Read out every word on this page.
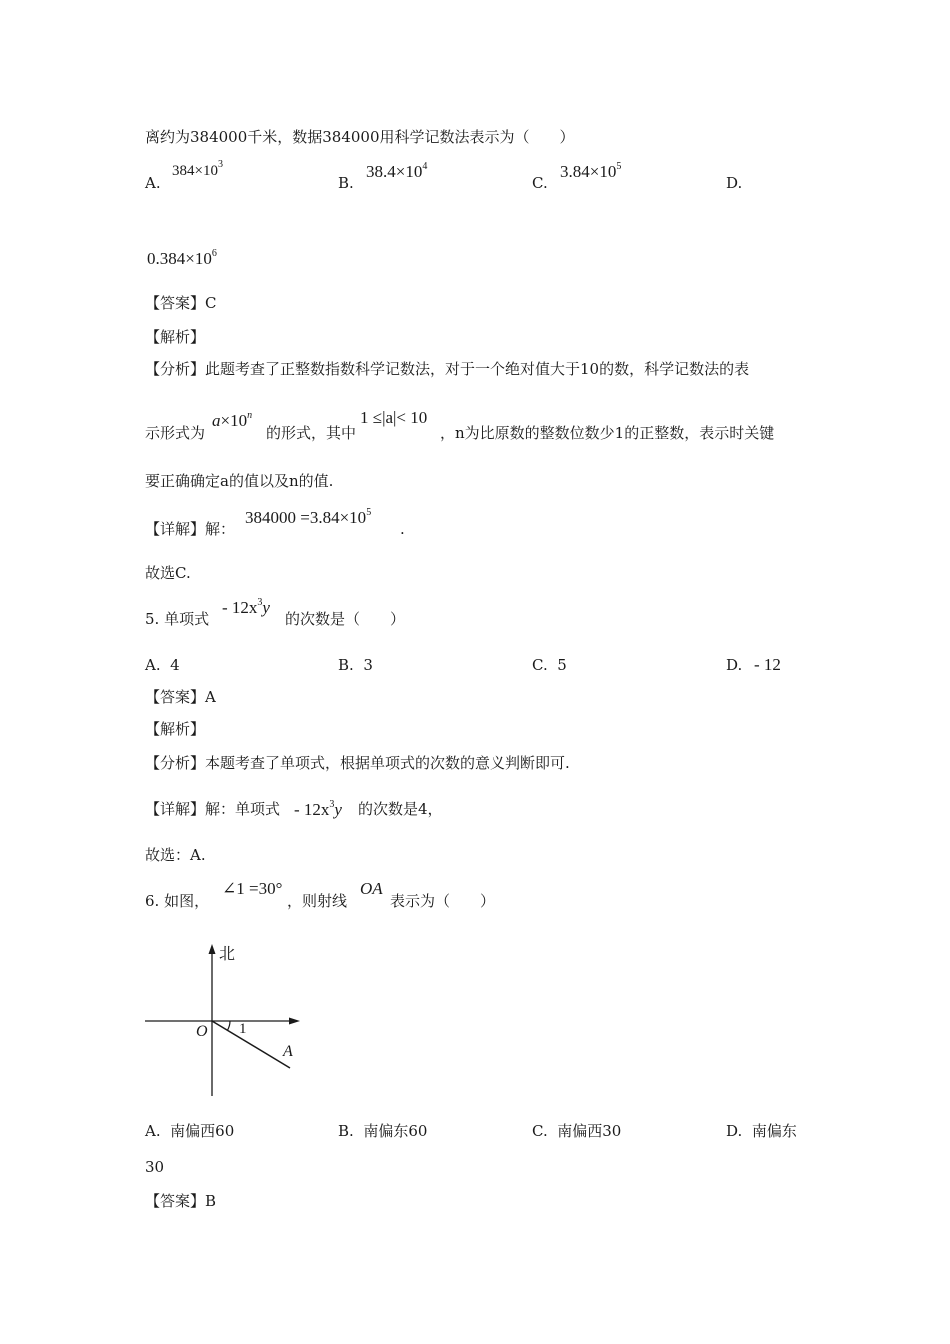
离约为384000千米，数据384000用科学记数法表示为（　　）
A.
$384\times 10^3$
B.
$38.4\times 10^4$
C.
$3.84\times 10^5$
D.
$0.384\times 10^6$
【答案】C
【解析】
【分析】此题考查了正整数指数科学记数法，对于一个绝对值大于10的数，科学记数法的表
示形式为
$a\times 10^n$
的形式，其中
1 ≤|a|< 10
，n为比原数的整数位数少1的正整数，表示时关键
要正确确定a的值以及n的值.
【详解】解：
$384000 =3.84\times 10^5$
.
故选C.
5. 单项式
- $12x^3y$
的次数是（　　）
A. 4	B. 3	C. 5	D. - 12
【答案】A
【解析】
【分析】本题考查了单项式，根据单项式的次数的意义判断即可.
【详解】解：单项式 - $12x^3y$ 的次数是4，
故选：A.
6. 如图，
∠1 =30°
，则射线
OA
表示为（　　）
北
O 1
A
A. 南偏西60	B. 南偏东60	C. 南偏西30	D. 南偏东
30
【答案】B
